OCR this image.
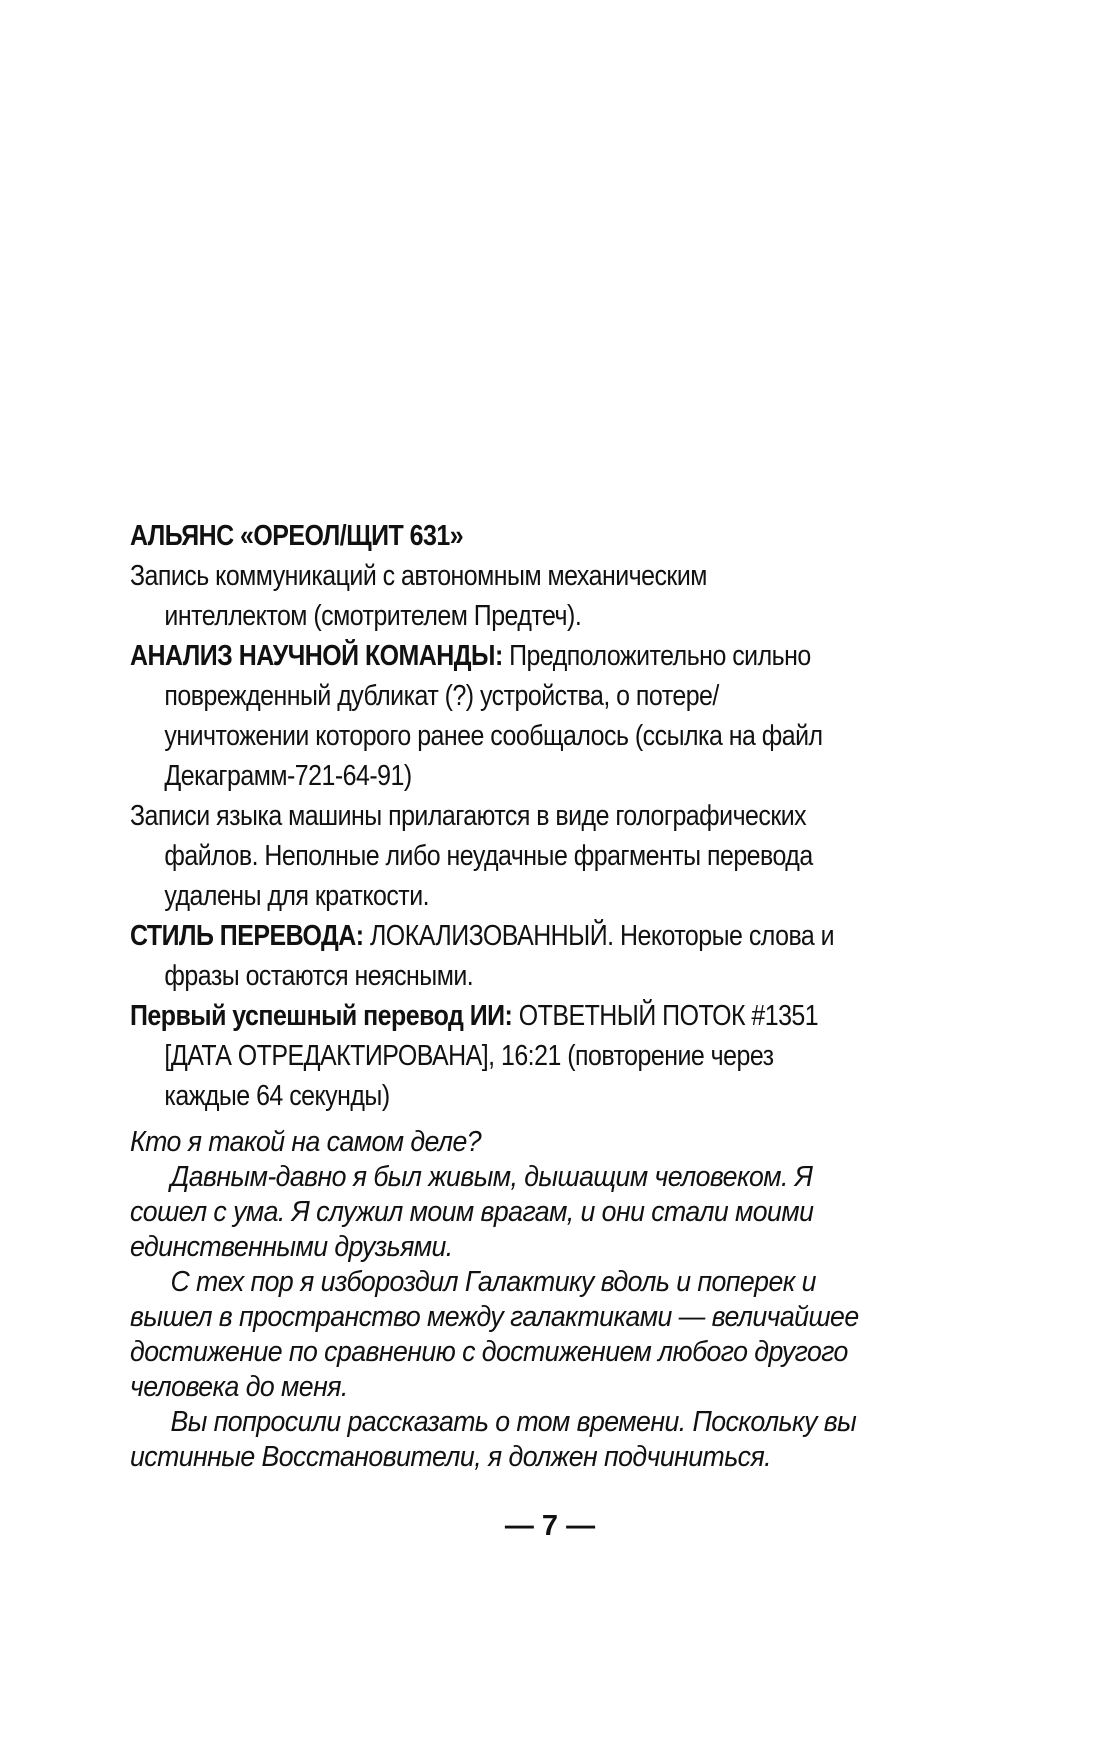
АЛЬЯНС «ОРЕОЛ/ЩИТ 631»

Запись коммуникаций с автономным механическим интеллектом (смотрителем Предтеч).

АНАЛИЗ НАУЧНОЙ КОМАНДЫ: Предположительно сильно поврежденный дубликат (?) устройства, о потере/уничтожении которого ранее сообщалось (ссылка на файл Декаграмм-721-64-91)

Записи языка машины прилагаются в виде голографических файлов. Неполные либо неудачные фрагменты перевода удалены для краткости.

СТИЛЬ ПЕРЕВОДА: ЛОКАЛИЗОВАННЫЙ. Некоторые слова и фразы остаются неясными.

Первый успешный перевод ИИ: ОТВЕТНЫЙ ПОТОК #1351 [ДАТА ОТРЕДАКТИРОВАНА], 16:21 (повторение через каждые 64 секунды)

Кто я такой на самом деле?

Давным-давно я был живым, дышащим человеком. Я сошел с ума. Я служил моим врагам, и они стали моими единственными друзьями.

С тех пор я избороздил Галактику вдоль и поперек и вышел в пространство между галактиками — величайшее достижение по сравнению с достижением любого другого человека до меня.

Вы попросили рассказать о том времени. Поскольку вы истинные Восстановители, я должен подчиниться.

— 7 —
